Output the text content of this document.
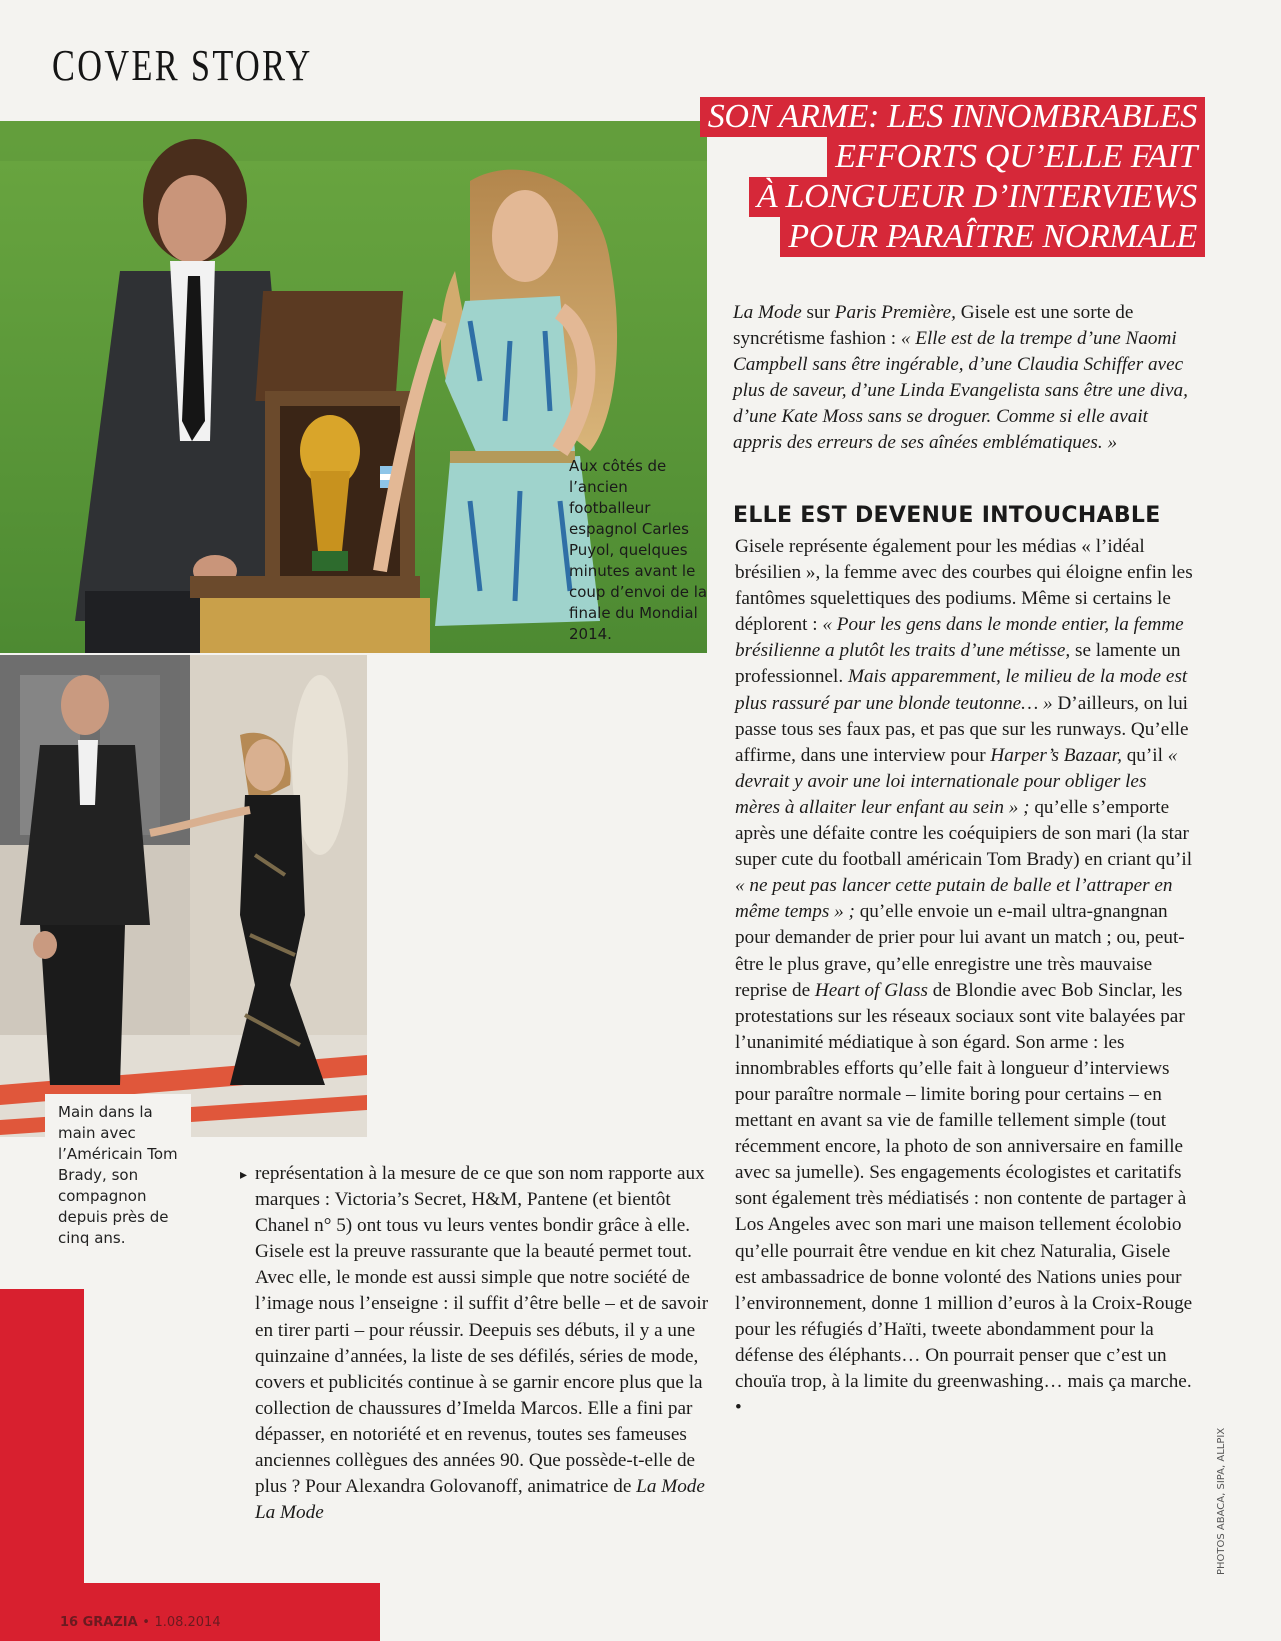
COVER STORY

Aux côtés de l’ancien footballeur espagnol Carles Puyol, quelques minutes avant le coup d’envoi de la finale du Mondial 2014.

Main dans la main avec l’Américain Tom Brady, son compagnon depuis près de cinq ans.

SON ARME: LES INNOMBRABLES
EFFORTS QU’ELLE FAIT
À LONGUEUR D’INTERVIEWS
POUR PARAÎTRE NORMALE

La Mode sur Paris Première, Gisele est une sorte de syncrétisme fashion : « Elle est de la trempe d’une Naomi Campbell sans être ingérable, d’une Claudia Schiffer avec plus de saveur, d’une Linda Evangelista sans être une diva, d’une Kate Moss sans se droguer. Comme si elle avait appris des erreurs de ses aînées emblématiques. »

ELLE EST DEVENUE INTOUCHABLE

Gisele représente également pour les médias « l’idéal brésilien », la femme avec des courbes qui éloigne enfin les fantômes squelettiques des podiums. Même si certains le déplorent : « Pour les gens dans le monde entier, la femme brésilienne a plutôt les traits d’une métisse, se lamente un professionnel. Mais apparemment, le milieu de la mode est plus rassuré par une blonde teutonne… » D’ailleurs, on lui passe tous ses faux pas, et pas que sur les runways. Qu’elle affirme, dans une interview pour Harper’s Bazaar, qu’il « devrait y avoir une loi internationale pour obliger les mères à allaiter leur enfant au sein » ; qu’elle s’emporte après une défaite contre les coéquipiers de son mari (la star super cute du football américain Tom Brady) en criant qu’il « ne peut pas lancer cette putain de balle et l’attraper en même temps » ; qu’elle envoie un e-mail ultra-gnangnan pour demander de prier pour lui avant un match ; ou, peut-être le plus grave, qu’elle enregistre une très mauvaise reprise de Heart of Glass de Blondie avec Bob Sinclar, les protestations sur les réseaux sociaux sont vite balayées par l’unanimité médiatique à son égard. Son arme : les innombrables efforts qu’elle fait à longueur d’interviews pour paraître normale – limite boring pour certains – en mettant en avant sa vie de famille tellement simple (tout récemment encore, la photo de son anniversaire en famille avec sa jumelle). Ses engagements écologistes et caritatifs sont également très médiatisés : non contente de partager à Los Angeles avec son mari une maison tellement écolobio qu’elle pourrait être vendue en kit chez Naturalia, Gisele est ambassadrice de bonne volonté des Nations unies pour l’environnement, donne 1 million d’euros à la Croix-Rouge pour les réfugiés d’Haïti, tweete abondamment pour la défense des éléphants… On pourrait penser que c’est un chouïa trop, à la limite du greenwashing… mais ça marche. •

▸ représentation à la mesure de ce que son nom rapporte aux marques : Victoria’s Secret, H&M, Pantene (et bientôt Chanel n° 5) ont tous vu leurs ventes bondir grâce à elle. Gisele est la preuve rassurante que la beauté permet tout. Avec elle, le monde est aussi simple que notre société de l’image nous l’enseigne : il suffit d’être belle – et de savoir en tirer parti – pour réussir. Deepuis ses débuts, il y a une quinzaine d’années, la liste de ses défilés, séries de mode, covers et publicités continue à se garnir encore plus que la collection de chaussures d’Imelda Marcos. Elle a fini par dépasser, en notoriété et en revenus, toutes ses fameuses anciennes collègues des années 90. Que possède-t-elle de plus ? Pour Alexandra Golovanoff, animatrice de La Mode La Mode	PHOTOS ABACA, SIPA, ALLPIX

16 GRAZIA • 1.08.2014
